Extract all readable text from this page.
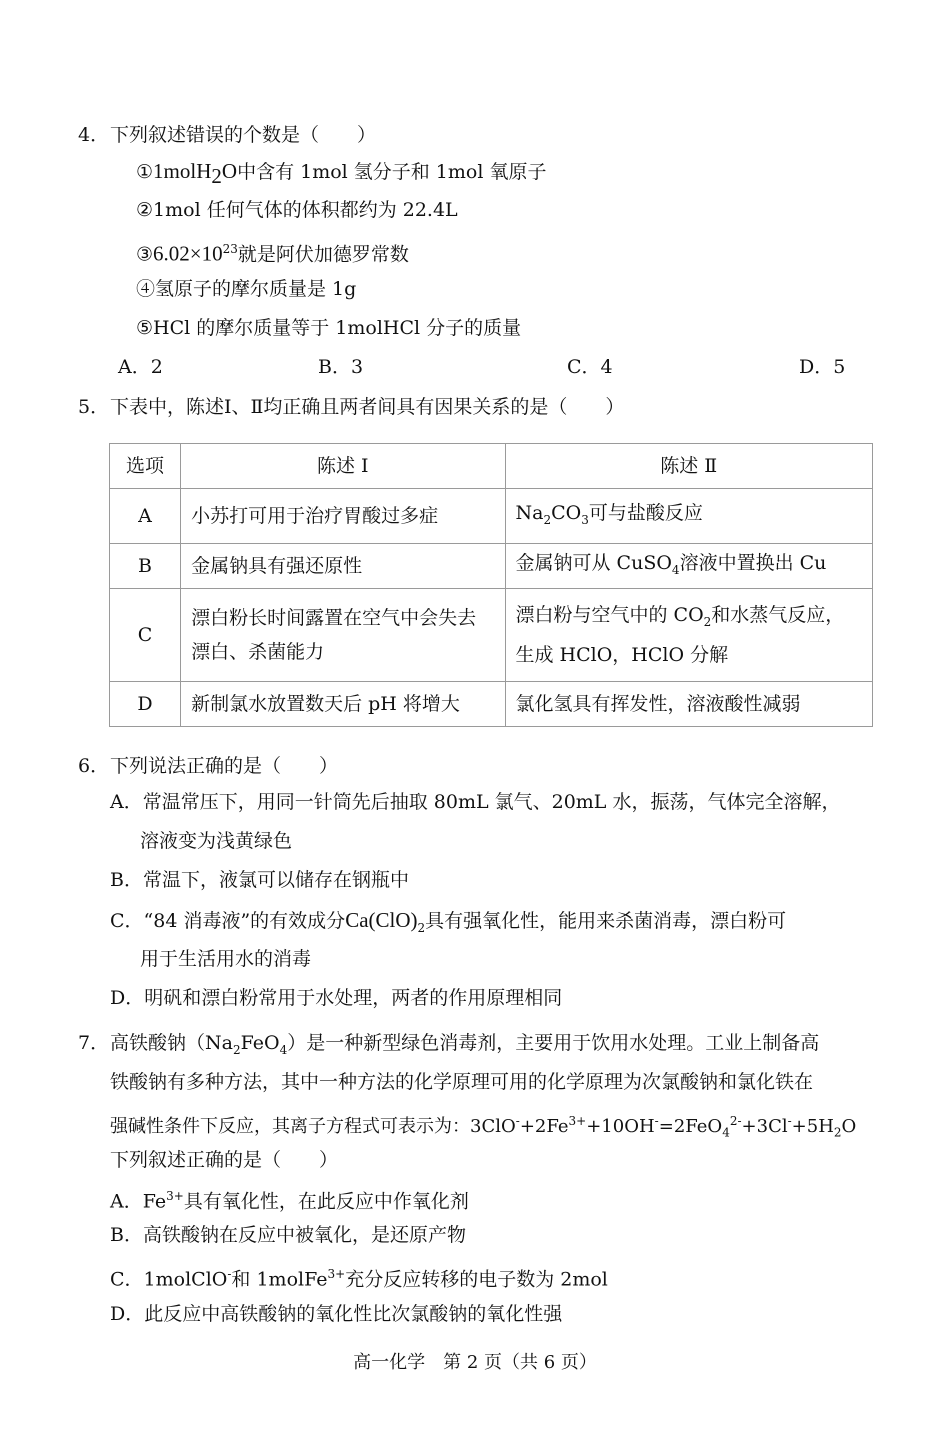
4． 下列叙述错误的个数是（　　）
①1molH$_2$O中含有 1mol 氢分子和 1mol 氧原子
②1mol 任何气体的体积都约为 22.4L
$③6.02\times 10^{23}$就是阿伏加德罗常数
④氢原子的摩尔质量是 1g
⑤HCl 的摩尔质量等于 1molHCl 分子的质量
A．2	B．3	C．4	D．5
5． 下表中，陈述Ⅰ、Ⅱ均正确且两者间具有因果关系的是（　　）
选项	陈述 Ⅰ	陈述 Ⅱ
A	小苏打可用于治疗胃酸过多症	$Na_2CO_3$可与盐酸反应
B	金属钠具有强还原性	金属钠可从 CuSO$_4$溶液中置换出 Cu
C	漂白粉长时间露置在空气中会失去漂白、杀菌能力	漂白粉与空气中的 $CO_2$和水蒸气反应，生成 HClO，HClO 分解
D	新制氯水放置数天后 pH 将增大	氯化氢具有挥发性，溶液酸性减弱
6． 下列说法正确的是（　　）
A．常温常压下，用同一针筒先后抽取 80mL 氯气、20mL 水，振荡，气体完全溶解，
溶液变为浅黄绿色
B．常温下，液氯可以储存在钢瓶中
C．“84 消毒液”的有效成分$Ca(ClO)_2$具有强氧化性，能用来杀菌消毒，漂白粉可
用于生活用水的消毒
D．明矾和漂白粉常用于水处理，两者的作用原理相同
7． 高铁酸钠$(Na_2FeO_4)$是一种新型绿色消毒剂，主要用于饮用水处理。工业上制备高
铁酸钠有多种方法，其中一种方法的化学原理可用的化学原理为次氯酸钠和氯化铁在
强碱性条件下反应，其离子方程式可表示为：$3ClO^-+2Fe^{3+}+10OH^-=2FeO_4^{2-}+3Cl^-+5H_2O$
下列叙述正确的是（　　）
A．$Fe^{3+}$具有氧化性，在此反应中作氧化剂
B．高铁酸钠在反应中被氧化，是还原产物
C．1molClO-和 1molFe$^{3+}$充分反应转移的电子数为 2mol
D．此反应中高铁酸钠的氧化性比次氯酸钠的氧化性强
高一化学　第 2 页（共 6 页）
